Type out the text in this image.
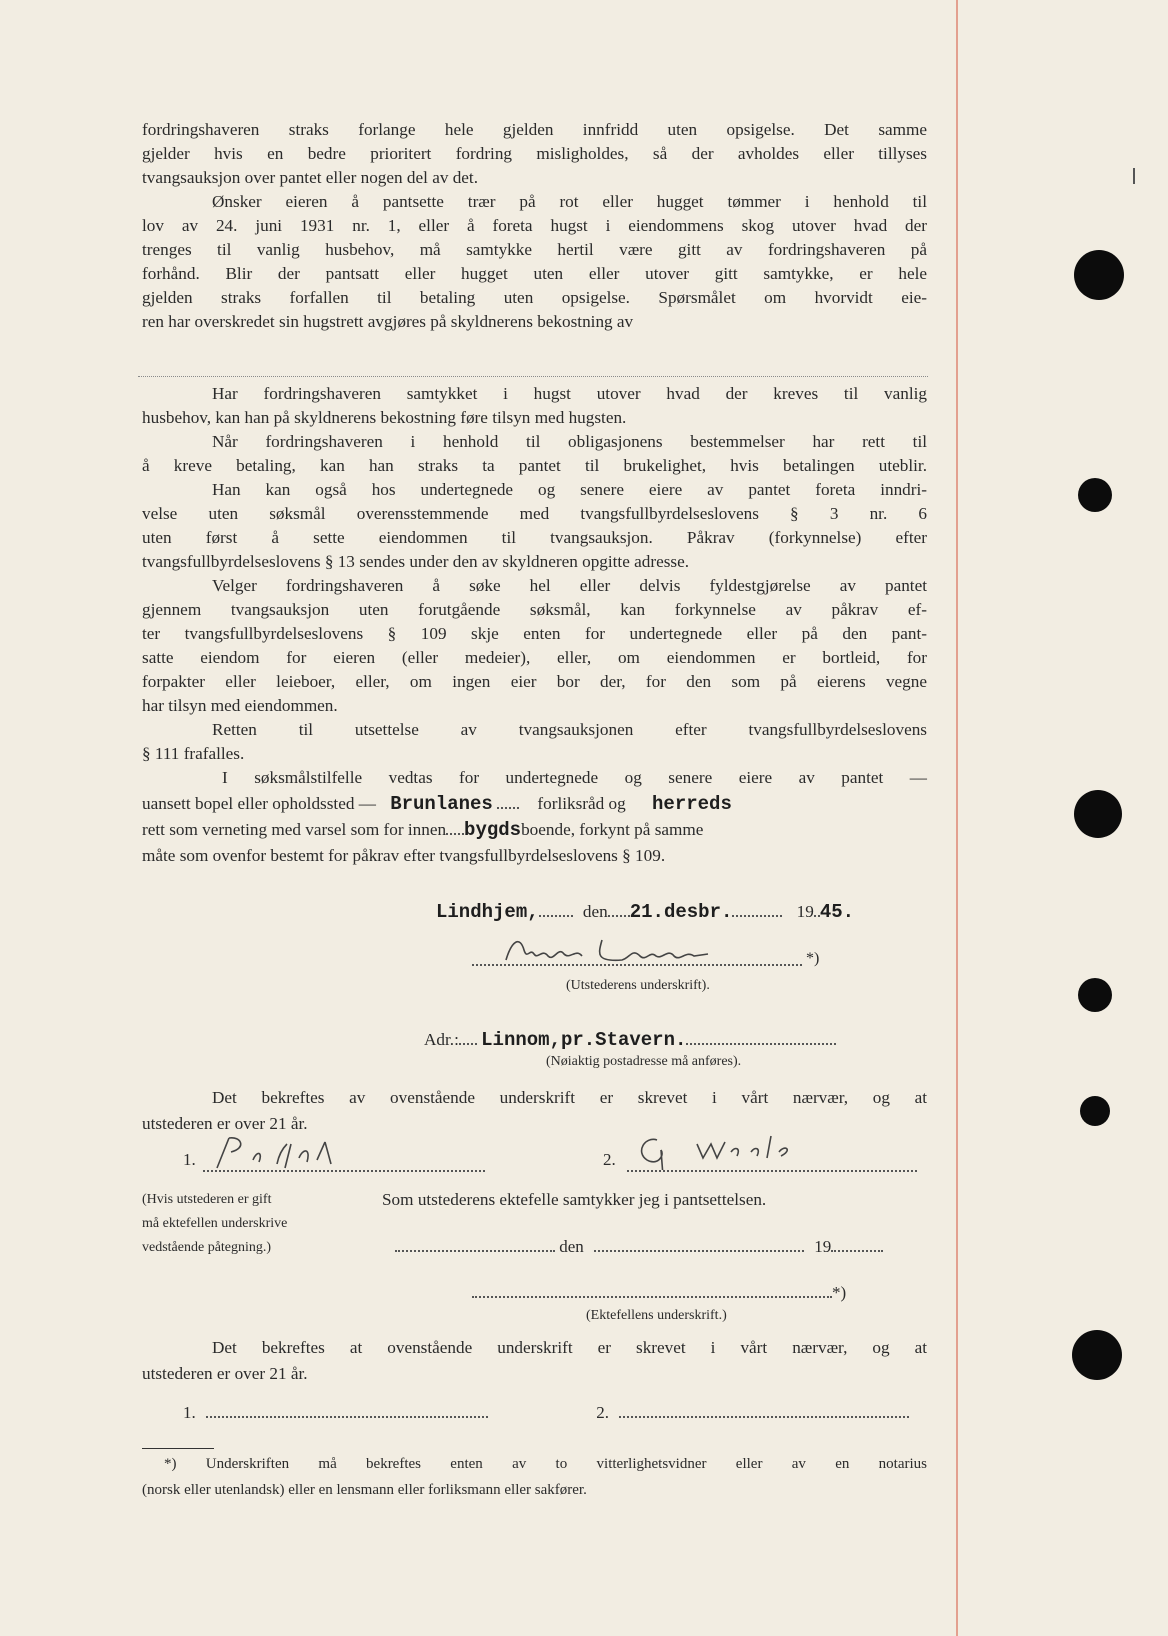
fordringshaveren straks forlange hele gjelden innfridd uten opsigelse. Det samme
gjelder hvis en bedre prioritert fordring misligholdes, så der avholdes eller tillyses
tvangsauksjon over pantet eller nogen del av det.
Ønsker eieren å pantsette trær på rot eller hugget tømmer i henhold til
lov av 24. juni 1931 nr. 1, eller å foreta hugst i eiendommens skog utover hvad der
trenges til vanlig husbehov, må samtykke hertil være gitt av fordringshaveren på
forhånd. Blir der pantsatt eller hugget uten eller utover gitt samtykke, er hele
gjelden straks forfallen til betaling uten opsigelse. Spørsmålet om hvorvidt eie-
ren har overskredet sin hugstrett avgjøres på skyldnerens bekostning av
Har fordringshaveren samtykket i hugst utover hvad der kreves til vanlig
husbehov, kan han på skyldnerens bekostning føre tilsyn med hugsten.
Når fordringshaveren i henhold til obligasjonens bestemmelser har rett til
å kreve betaling, kan han straks ta pantet til brukelighet, hvis betalingen uteblir.
Han kan også hos undertegnede og senere eiere av pantet foreta inndri-
velse uten søksmål overensstemmende med tvangsfullbyrdelseslovens § 3 nr. 6
uten først å sette eiendommen til tvangsauksjon. Påkrav (forkynnelse) efter
tvangsfullbyrdelseslovens § 13 sendes under den av skyldneren opgitte adresse.
Velger fordringshaveren å søke hel eller delvis fyldestgjørelse av pantet
gjennem tvangsauksjon uten forutgående søksmål, kan forkynnelse av påkrav ef-
ter tvangsfullbyrdelseslovens § 109 skje enten for undertegnede eller på den pant-
satte eiendom for eieren (eller medeier), eller, om eiendommen er bortleid, for
forpakter eller leieboer, eller, om ingen eier bor der, for den som på eierens vegne
har tilsyn med eiendommen.
Retten til utsettelse av tvangsauksjonen efter tvangsfullbyrdelseslovens
§ 111 frafalles.
I søksmålstilfelle vedtas for undertegnede og senere eiere av pantet —
uansett bopel eller opholdssted — Brunlanes	forliksråd og herreds
rett som verneting med varsel som for innen bygdsboende, forkynt på samme
måte som ovenfor bestemt for påkrav efter tvangsfullbyrdelseslovens § 109.
Lindhjem,	den 21.desbr.	19 45.
*)
(Utstederens underskrift).
Adr.: Linnom,pr.Stavern.
(Nøiaktig postadresse må anføres).
Det bekreftes av ovenstående underskrift er skrevet i vårt nærvær, og at
utstederen er over 21 år.
1.	2.
(Hvis utstederen er gift
må ektefellen underskrive
vedstående påtegning.)
Som utstederens ektefelle samtykker jeg i pantsettelsen.
den	19
*)
(Ektefellens underskrift.)
Det bekreftes at ovenstående underskrift er skrevet i vårt nærvær, og at
utstederen er over 21 år.
1.	2.
*) Underskriften må bekreftes enten av to vitterlighetsvidner eller av en notarius
(norsk eller utenlandsk) eller en lensmann eller forliksmann eller sakfører.
